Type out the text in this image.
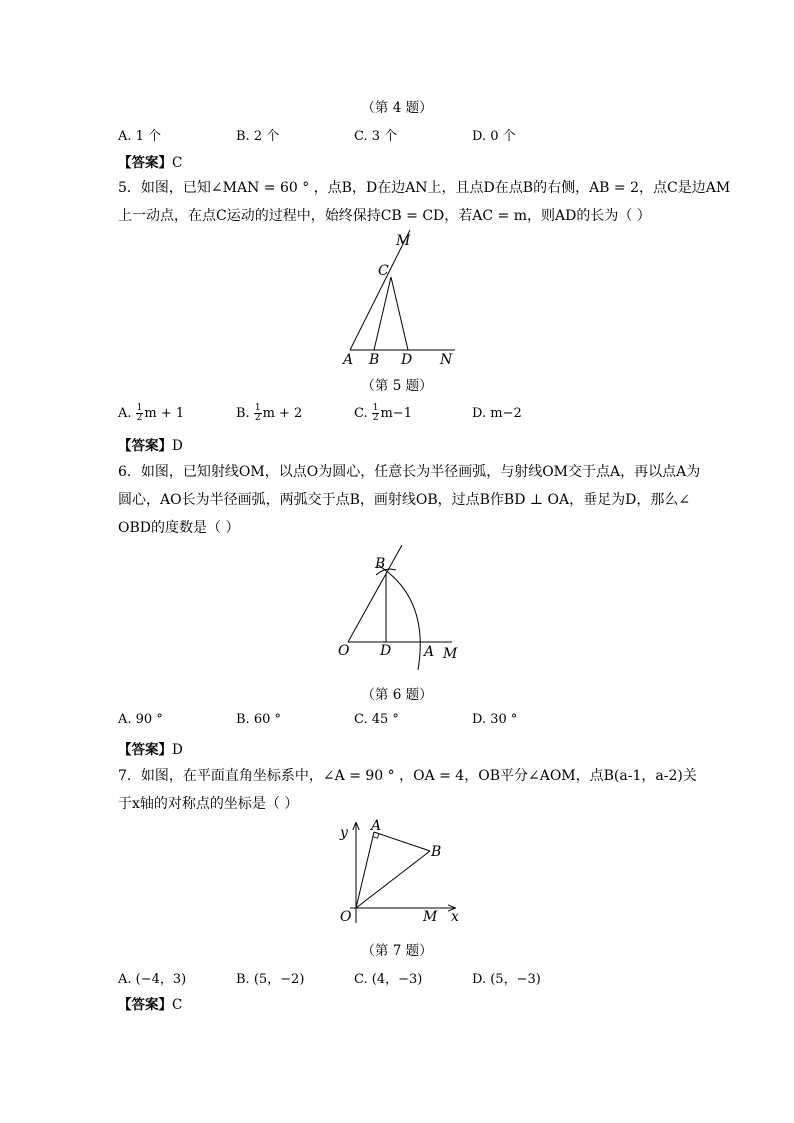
（第 4 题）
A. 1 个	B. 2 个	C. 3 个	D. 0 个
【答案】C
5．如图，已知∠MAN = 60 ° ，点B，D在边AN上，且点D在点B的右侧，AB = 2，点C是边AM
上一动点，在点C运动的过程中，始终保持CB = CD，若AC = m，则AD的长为（ ）
M
C
A B D N
（第 5 题）
A. $\frac{1}{2}$ m + 1	B. $\frac{1}{2}$ m + 2	C. $\frac{1}{2} m-1$	D. m−2
【答案】D
6．如图，已知射线OM，以点O为圆心，任意长为半径画弧，与射线OM交于点A，再以点A为
圆心，AO长为半径画弧，两弧交于点B，画射线OB，过点B作BD ⊥ OA，垂足为D，那么∠
OBD的度数是（ ）
B
O D A M
（第 6 题）
A. 90 °	B. 60 °	C. 45 °	D. 30 °
【答案】D
7．如图，在平面直角坐标系中，∠A = 90 ° ，OA = 4，OB平分∠AOM，点B(a-1，a-2)关
于x轴的对称点的坐标是（ ）
y A
B
O	M x
（第 7 题）
A. (−4，3)	B. (5，−2)	C. (4，−3)	D. (5，−3)
【答案】C
